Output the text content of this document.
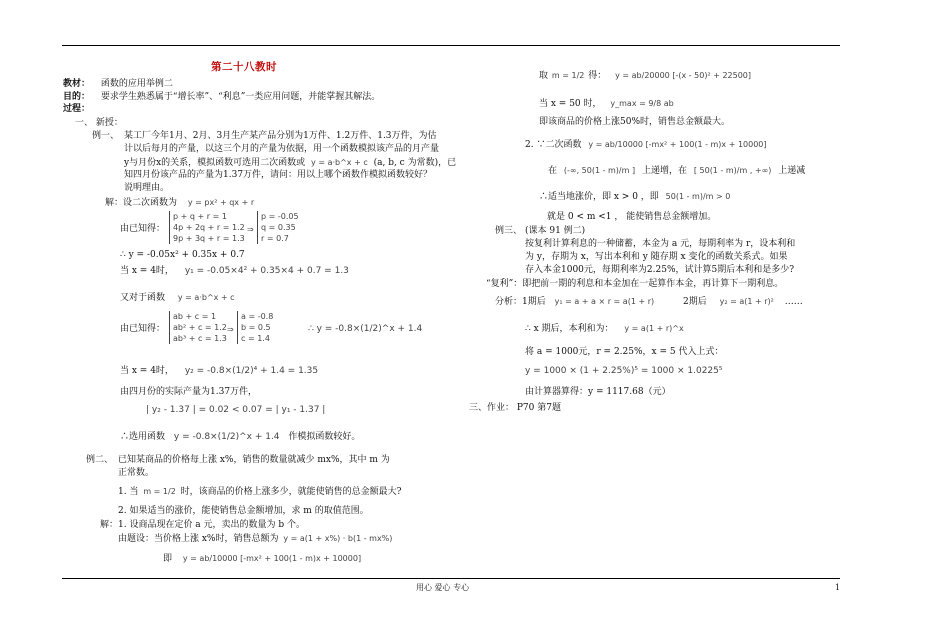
第二十八教时
教材： 函数的应用举例二
目的： 要求学生熟悉属于“增长率”、“利息”一类应用问题，并能掌握其解法。
过程：
一、 新授：
例一、 某工厂今年1月、2月、3月生产某产品分别为1万件、1.2万件、1.3万件，为估
计以后每月的产量，以这三个月的产量为依据，用一个函数模拟该产品的月产量
y与月份x的关系，模拟函数可选用二次函数或 y = a·b^x + c (a, b, c 为常数)，已
知四月份该产品的产量为1.37万件，请问：用以上哪个函数作模拟函数较好？
说明理由。
解：设二次函数为 y = px² + qx + r
由已知得：
p + q + r = 1
4p + 2q + r = 1.2
9p + 3q + r = 1.3
⇒
p = -0.05
q = 0.35
r = 0.7
∴ y = -0.05x² + 0.35x + 0.7
当 x = 4时， y₁ = -0.05×4² + 0.35×4 + 0.7 = 1.3
又对于函数 y = a·b^x + c
由已知得：
ab + c = 1
ab² + c = 1.2
ab³ + c = 1.3
⇒
a = -0.8
b = 0.5
c = 1.4
∴ y = -0.8×(1/2)^x + 1.4
当 x = 4时， y₂ = -0.8×(1/2)⁴ + 1.4 = 1.35
由四月份的实际产量为1.37万件，
| y₂ - 1.37 | = 0.02 < 0.07 = | y₁ - 1.37 |
∴选用函数 y = -0.8×(1/2)^x + 1.4 作模拟函数较好。
例二、 已知某商品的价格每上涨 x%，销售的数量就减少 mx%，其中 m 为
正常数。
1. 当 m = 1/2 时，该商品的价格上涨多少，就能使销售的总金额最大?
2. 如果适当的涨价，能使销售总金额增加，求 m 的取值范围。
解：1. 设商品现在定价 a 元，卖出的数量为 b 个。
由题设：当价格上涨 x%时，销售总额为 y = a(1 + x%) · b(1 - mx%)
即 y = ab/10000 [-mx² + 100(1 - m)x + 10000]
取 m = 1/2 得： y = ab/20000 [-(x - 50)² + 22500]
当 x = 50 时， y_max = 9/8 ab
即该商品的价格上涨50%时，销售总金额最大。
2. ∵二次函数 y = ab/10000 [-mx² + 100(1 - m)x + 10000]
在 (-∞, 50(1 - m)/m ] 上递增，在 [ 50(1 - m)/m , +∞) 上递减
∴适当地涨价，即 x > 0 ，即 50(1 - m)/m > 0
就是 0 < m <1 ， 能使销售总金额增加。
例三、 (课本 91 例二)
按复利计算利息的一种储蓄，本金为 a 元，每期利率为 r，设本利和
为 y，存期为 x，写出本利和 y 随存期 x 变化的函数关系式。如果
存入本金1000元，每期利率为2.25%，试计算5期后本利和是多少?
“复利”：即把前一期的利息和本金加在一起算作本金，再计算下一期利息。
分析：1期后 y₁ = a + a × r = a(1 + r)	2期后 y₂ = a(1 + r)² ……
∴ x 期后，本利和为： y = a(1 + r)^x
将 a = 1000元，r = 2.25%，x = 5 代入上式：
y = 1000 × (1 + 2.25%)⁵ = 1000 × 1.0225⁵
由计算器算得：y = 1117.68（元）
三、作业： P70 第7题
用心 爱心 专心	1
